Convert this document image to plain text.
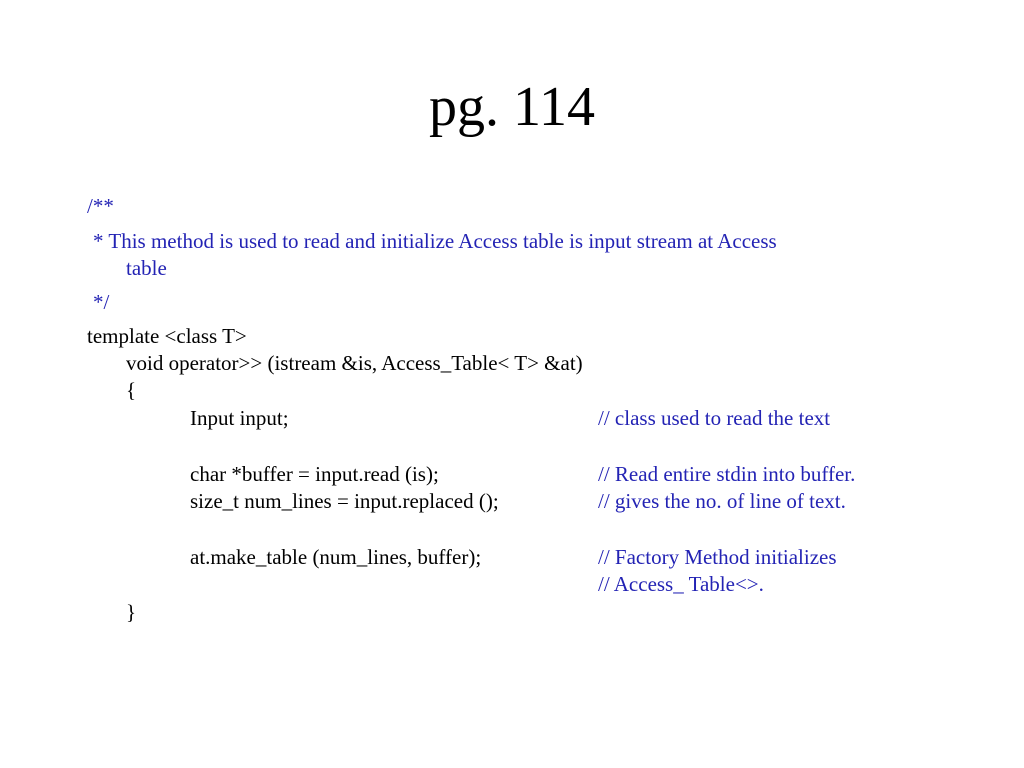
pg. 114
/**
* This method is used to read and initialize Access table is input stream at Access
table
*/
template <class T>
void operator>> (istream &is, Access_Table< T> &at)
{
Input input;	// class used to read the text
char *buffer = input.read (is);	// Read entire stdin into buffer.
size_t num_lines = input.replaced ();	// gives the no. of line of text.
at.make_table (num_lines, buffer);	// Factory Method initializes
// Access_ Table<>.
}
